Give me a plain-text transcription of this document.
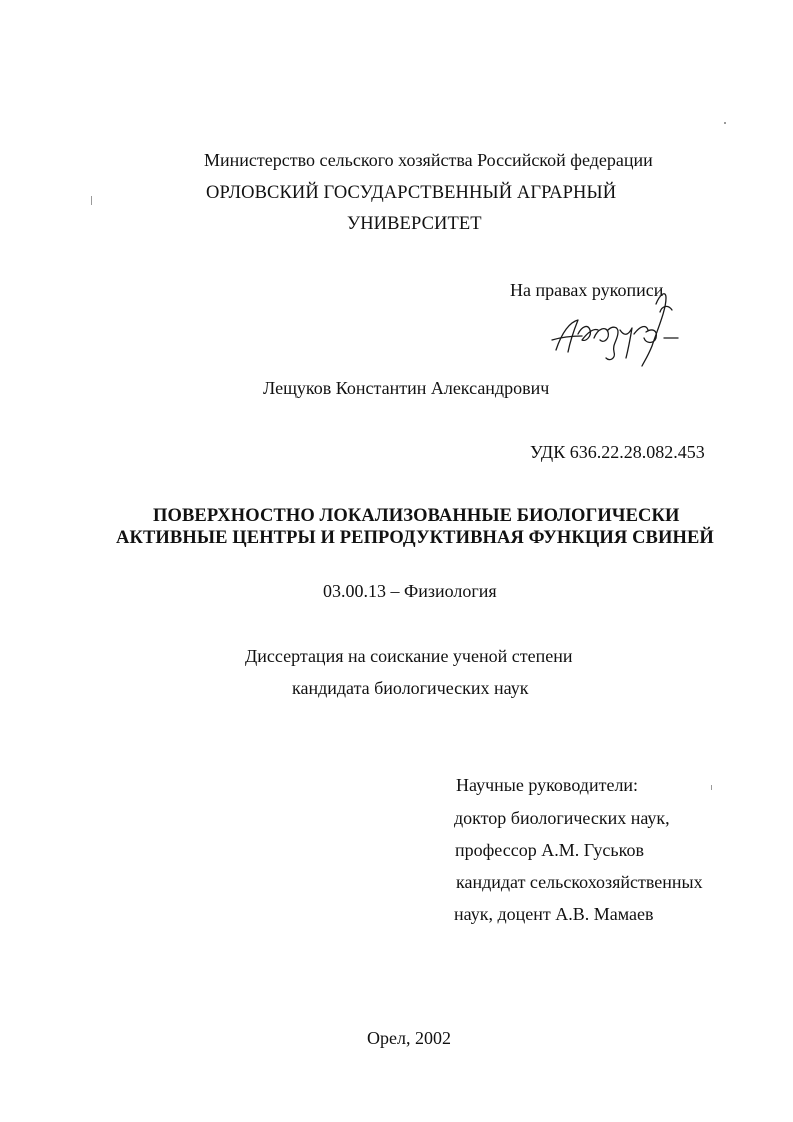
Министерство сельского хозяйства Российской федерации
ОРЛОВСКИЙ ГОСУДАРСТВЕННЫЙ АГРАРНЫЙ
УНИВЕРСИТЕТ
На правах рукописи
Лещуков Константин Александрович
УДК 636.22.28.082.453
ПОВЕРХНОСТНО ЛОКАЛИЗОВАННЫЕ БИОЛОГИЧЕСКИ
АКТИВНЫЕ ЦЕНТРЫ И РЕПРОДУКТИВНАЯ ФУНКЦИЯ СВИНЕЙ
03.00.13 – Физиология
Диссертация на соискание ученой степени
кандидата биологических наук
Научные руководители:
доктор биологических наук,
профессор А.М. Гуськов
кандидат сельскохозяйственных
наук, доцент А.В. Мамаев
Орел, 2002
